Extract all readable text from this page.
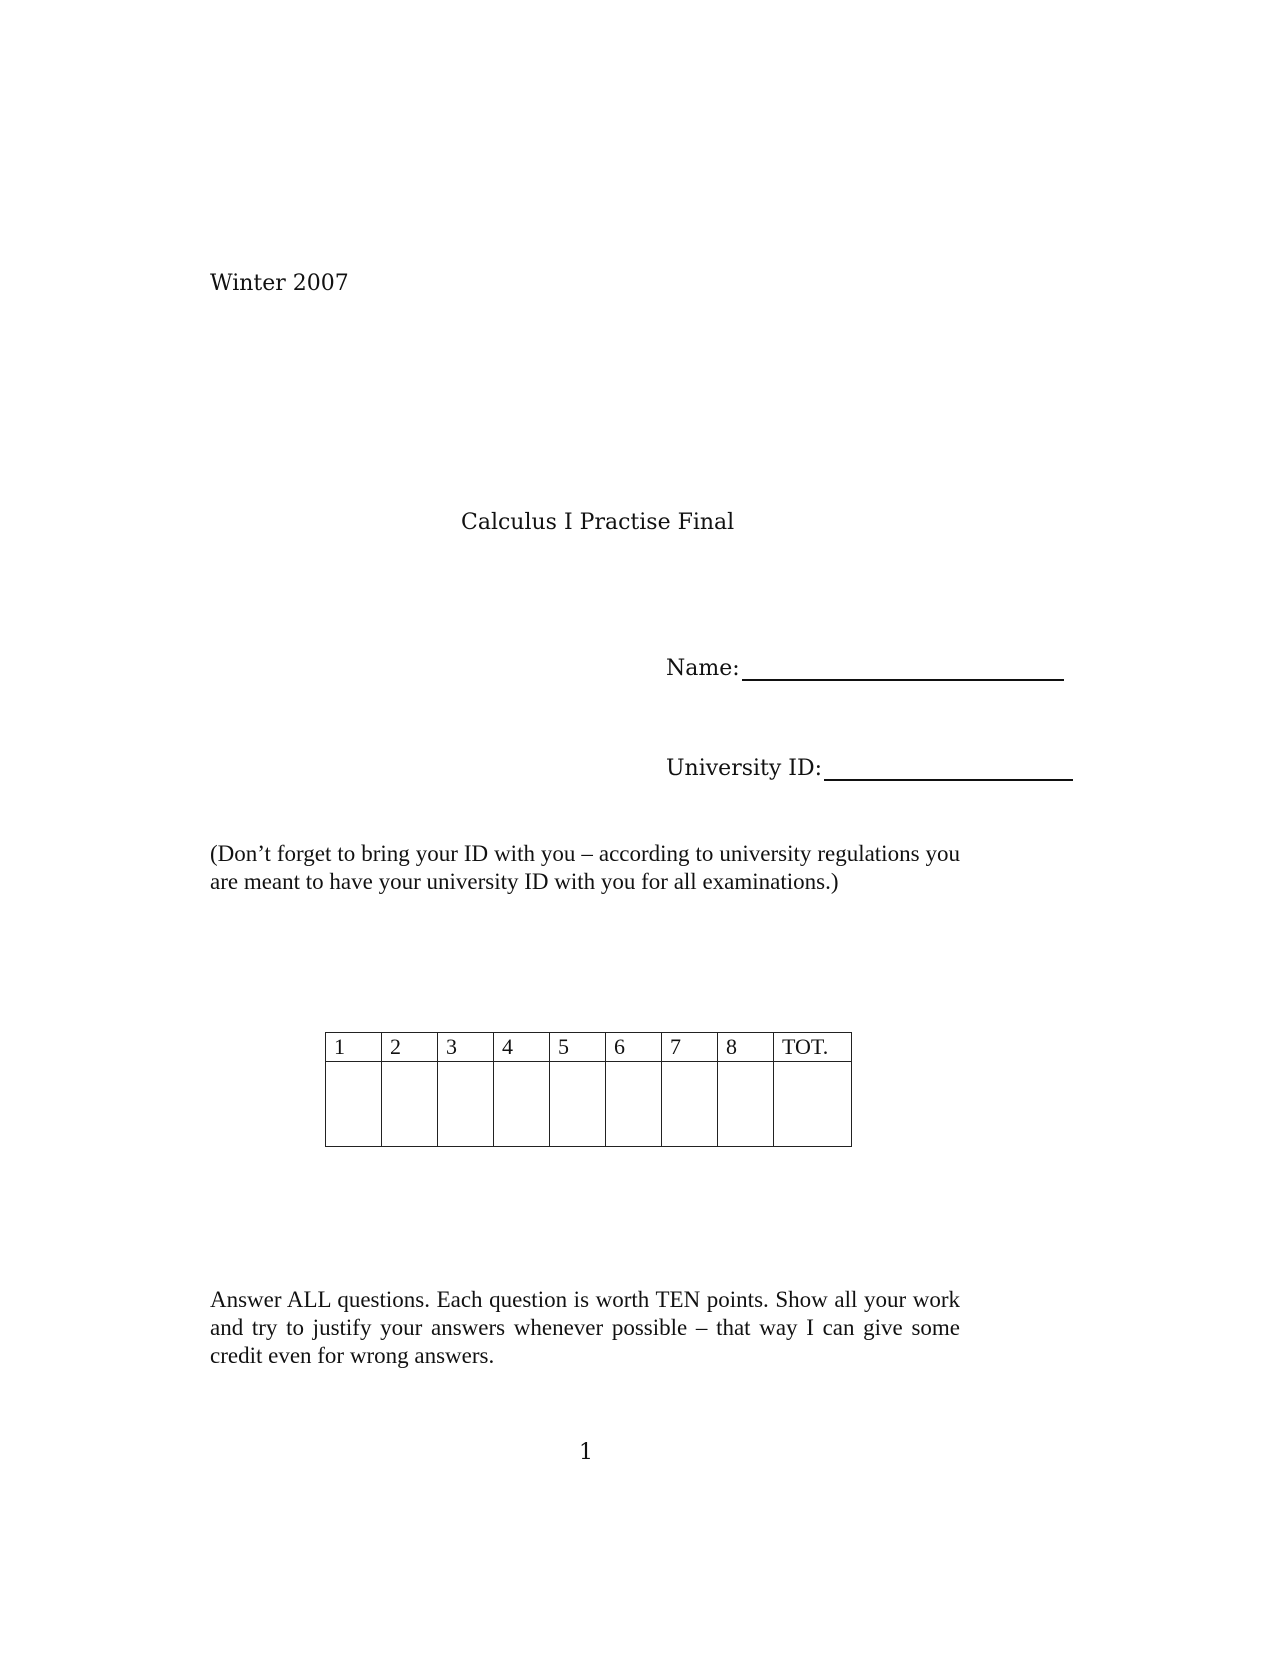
Winter 2007
Calculus I Practise Final
Name:
University ID:
(Don’t forget to bring your ID with you – according to university regulations you are meant to have your university ID with you for all examinations.)
1	2	3	4	5	6	7	8	TOT.

Answer ALL questions. Each question is worth TEN points. Show all your work and try to justify your answers whenever possible – that way I can give some credit even for wrong answers.
1
